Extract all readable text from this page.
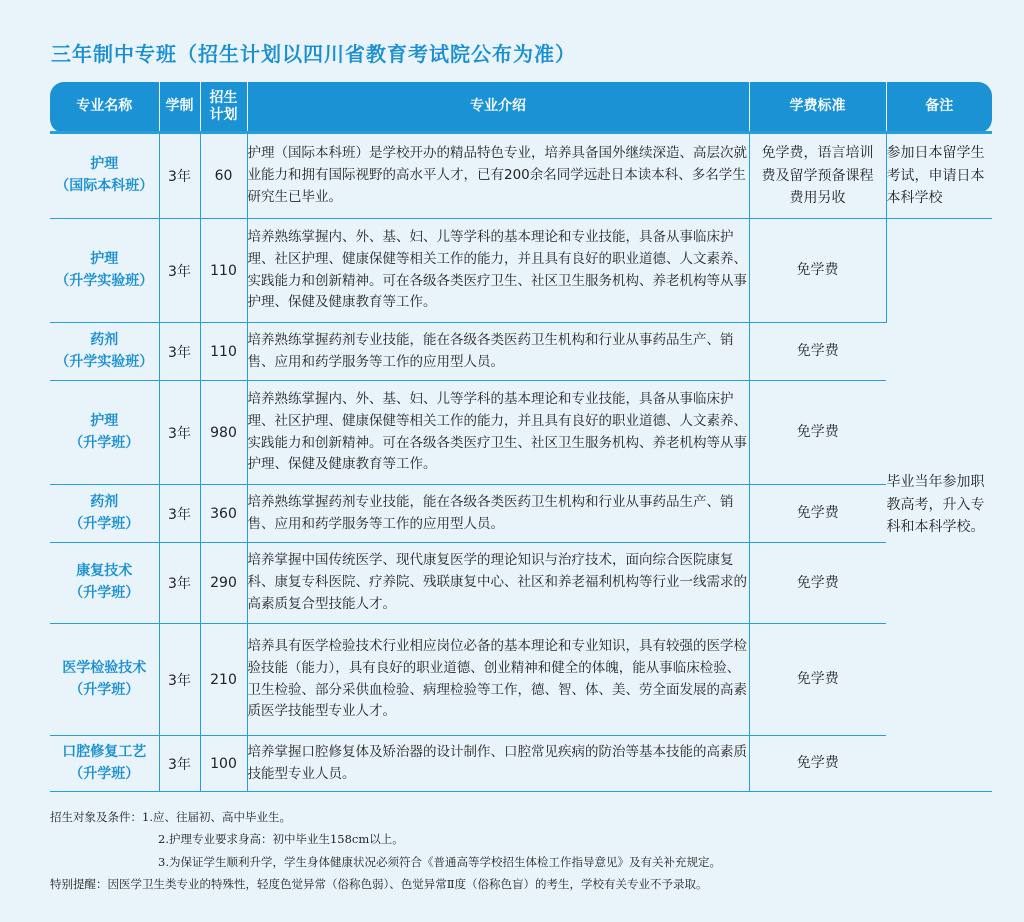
三年制中专班（招生计划以四川省教育考试院公布为准）
专业名称	学制	招生计划	专业介绍	学费标准	备注

护理
（国际本科班）	3年	60	护理（国际本科班）是学校开办的精品特色专业，培养具备国外继续深造、高层次就业能力和拥有国际视野的高水平人才，已有200余名同学远赴日本读本科、多名学生研究生已毕业。	免学费，语言培训费及留学预备课程费用另收	参加日本留学生考试，申请日本本科学校

护理
（升学实验班）	3年	110	培养熟练掌握内、外、基、妇、儿等学科的基本理论和专业技能，具备从事临床护理、社区护理、健康保健等相关工作的能力，并且具有良好的职业道德、人文素养、实践能力和创新精神。可在各级各类医疗卫生、社区卫生服务机构、养老机构等从事护理、保健及健康教育等工作。	免学费	毕业当年参加职教高考，升入专科和本科学校。

药剂
（升学实验班）	3年	110	培养熟练掌握药剂专业技能，能在各级各类医药卫生机构和行业从事药品生产、销售、应用和药学服务等工作的应用型人员。	免学费	

护理
（升学班）	3年	980	培养熟练掌握内、外、基、妇、儿等学科的基本理论和专业技能，具备从事临床护理、社区护理、健康保健等相关工作的能力，并且具有良好的职业道德、人文素养、实践能力和创新精神。可在各级各类医疗卫生、社区卫生服务机构、养老机构等从事护理、保健及健康教育等工作。	免学费	

药剂
（升学班）	3年	360	培养熟练掌握药剂专业技能，能在各级各类医药卫生机构和行业从事药品生产、销售、应用和药学服务等工作的应用型人员。	免学费	

康复技术
（升学班）	3年	290	培养掌握中国传统医学、现代康复医学的理论知识与治疗技术，面向综合医院康复科、康复专科医院、疗养院、残联康复中心、社区和养老福利机构等行业一线需求的高素质复合型技能人才。	免学费	

医学检验技术
（升学班）	3年	210	培养具有医学检验技术行业相应岗位必备的基本理论和专业知识，具有较强的医学检验技能（能力），具有良好的职业道德、创业精神和健全的体魄，能从事临床检验、卫生检验、部分采供血检验、病理检验等工作，德、智、体、美、劳全面发展的高素质医学技能型专业人才。	免学费	

口腔修复工艺
（升学班）	3年	100	培养掌握口腔修复体及矫治器的设计制作、口腔常见疾病的防治等基本技能的高素质技能型专业人员。	免学费	
招生对象及条件：1.应、往届初、高中毕业生。
2.护理专业要求身高：初中毕业生158cm以上。
3.为保证学生顺利升学，学生身体健康状况必须符合《普通高等学校招生体检工作指导意见》及有关补充规定。
特别提醒：因医学卫生类专业的特殊性，轻度色觉异常（俗称色弱）、色觉异常Ⅱ度（俗称色盲）的考生，学校有关专业不予录取。
